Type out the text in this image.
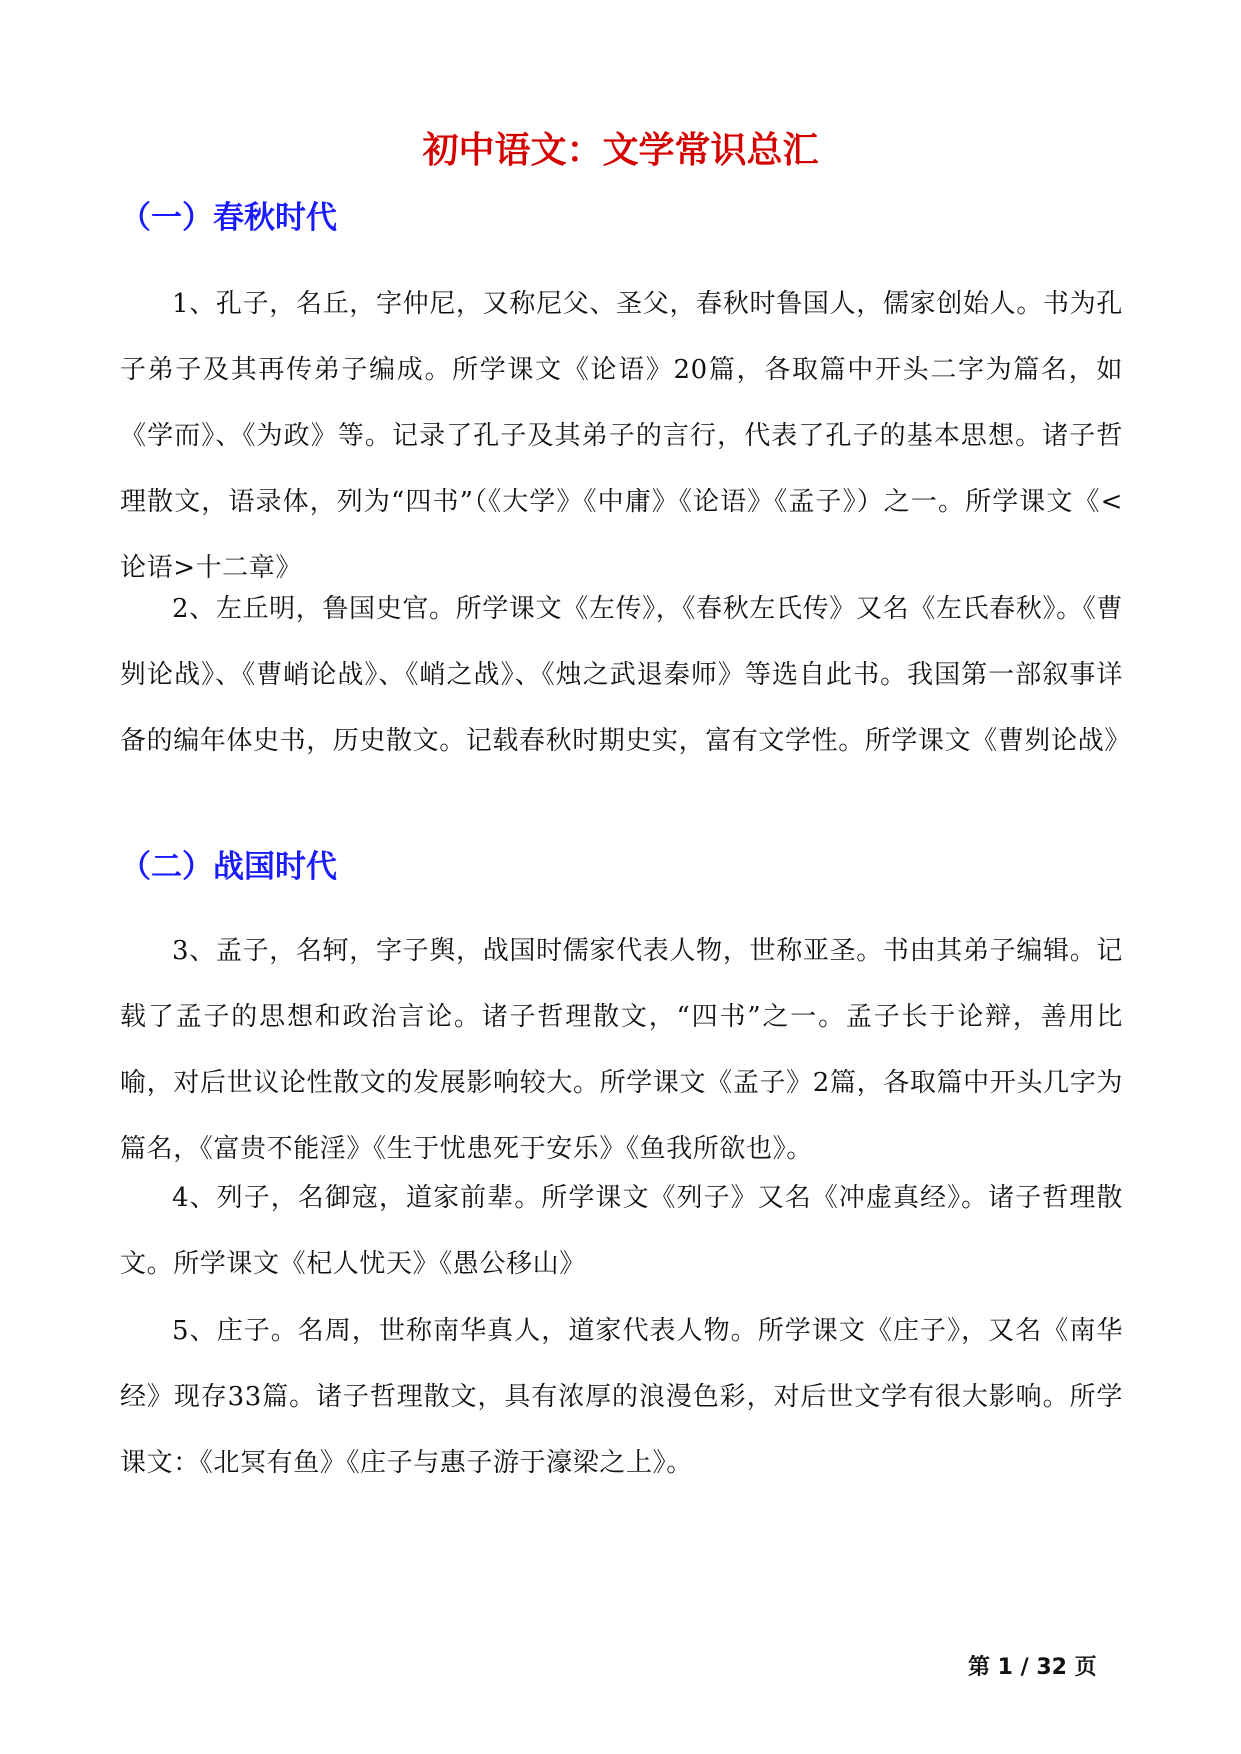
初中语文：文学常识总汇
（一）春秋时代

1、孔子，名丘，字仲尼，又称尼父、圣父，春秋时鲁国人，儒家创始人。书为孔子弟子及其再传弟子编成。所学课文《论语》20篇，各取篇中开头二字为篇名，如《学而》、《为政》等。记录了孔子及其弟子的言行，代表了孔子的基本思想。诸子哲理散文，语录体，列为“四书”（《大学》《中庸》《论语》《孟子》）之一。所学课文《<论语>十二章》

2、左丘明，鲁国史官。所学课文《左传》，《春秋左氏传》又名《左氏春秋》。《曹刿论战》、《曹峭论战》、《峭之战》、《烛之武退秦师》等选自此书。我国第一部叙事详备的编年体史书，历史散文。记载春秋时期史实，富有文学性。所学课文《曹刿论战》

（二）战国时代

3、孟子，名轲，字子舆，战国时儒家代表人物，世称亚圣。书由其弟子编辑。记载了孟子的思想和政治言论。诸子哲理散文，“四书”之一。孟子长于论辩，善用比喻，对后世议论性散文的发展影响较大。所学课文《孟子》2篇，各取篇中开头几字为篇名，《富贵不能淫》《生于忧患死于安乐》《鱼我所欲也》。

4、列子，名御寇，道家前辈。所学课文《列子》又名《冲虚真经》。诸子哲理散文。所学课文《杞人忧天》《愚公移山》

5、庄子。名周，世称南华真人，道家代表人物。所学课文《庄子》，又名《南华经》现存33篇。诸子哲理散文，具有浓厚的浪漫色彩，对后世文学有很大影响。所学课文：《北冥有鱼》《庄子与惠子游于濠梁之上》。

第 1 / 32 页
